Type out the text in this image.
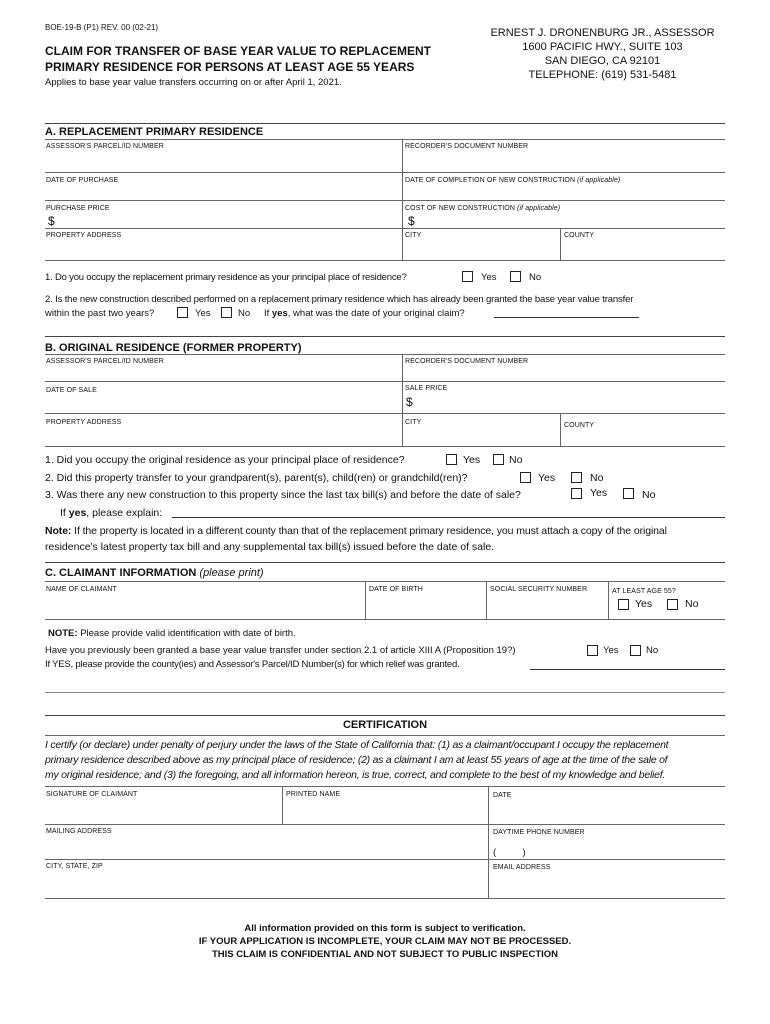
BOE-19-B (P1) REV. 00 (02-21)
CLAIM FOR TRANSFER OF BASE YEAR VALUE TO REPLACEMENT
PRIMARY RESIDENCE FOR PERSONS AT LEAST AGE 55 YEARS
Applies to base year value transfers occurring on or after April 1, 2021.
ERNEST J. DRONENBURG JR., ASSESSOR
1600 PACIFIC HWY., SUITE 103
SAN DIEGO, CA 92101
TELEPHONE: (619) 531-5481
A. REPLACEMENT PRIMARY RESIDENCE
ASSESSOR'S PARCEL/ID NUMBER	RECORDER'S DOCUMENT NUMBER
DATE OF PURCHASE	DATE OF COMPLETION OF NEW CONSTRUCTION (if applicable)
PURCHASE PRICE	COST OF NEW CONSTRUCTION (if applicable)
$	$
PROPERTY ADDRESS	CITY	COUNTY
1. Do you occupy the replacement primary residence as your principal place of residence?	Yes	No
2. Is the new construction described performed on a replacement primary residence which has already been granted the base year value transfer
within the past two years?	Yes	No If yes, what was the date of your original claim?
B. ORIGINAL RESIDENCE (FORMER PROPERTY)
ASSESSOR'S PARCEL/ID NUMBER	RECORDER'S DOCUMENT NUMBER
DATE OF SALE	SALE PRICE
$
PROPERTY ADDRESS	CITY	COUNTY
1. Did you occupy the original residence as your principal place of residence?	Yes	No
2. Did this property transfer to your grandparent(s), parent(s), child(ren) or grandchild(ren)?	Yes	No
3. Was there any new construction to this property since the last tax bill(s) and before the date of sale?	Yes	No
If yes, please explain:
Note: If the property is located in a different county than that of the replacement primary residence, you must attach a copy of the original
residence's latest property tax bill and any supplemental tax bill(s) issued before the date of sale.
C. CLAIMANT INFORMATION (please print)
NAME OF CLAIMANT	DATE OF BIRTH	SOCIAL SECURITY NUMBER	AT LEAST AGE 55?
Yes	No
NOTE: Please provide valid identification with date of birth.
Have you previously been granted a base year value transfer under section 2.1 of article XIII A (Proposition 19?)	Yes	No
If YES, please provide the county(ies) and Assessor's Parcel/ID Number(s) for which relief was granted.
CERTIFICATION
I certify (or declare) under penalty of perjury under the laws of the State of California that: (1) as a claimant/occupant I occupy the replacement
primary residence described above as my principal place of residence; (2) as a claimant I am at least 55 years of age at the time of the sale of
my original residence; and (3) the foregoing, and all information hereon, is true, correct, and complete to the best of my knowledge and belief.
SIGNATURE OF CLAIMANT	PRINTED NAME	DATE
MAILING ADDRESS	DAYTIME PHONE NUMBER
(          )
CITY, STATE, ZIP	EMAIL ADDRESS
All information provided on this form is subject to verification.
IF YOUR APPLICATION IS INCOMPLETE, YOUR CLAIM MAY NOT BE PROCESSED.
THIS CLAIM IS CONFIDENTIAL AND NOT SUBJECT TO PUBLIC INSPECTION
